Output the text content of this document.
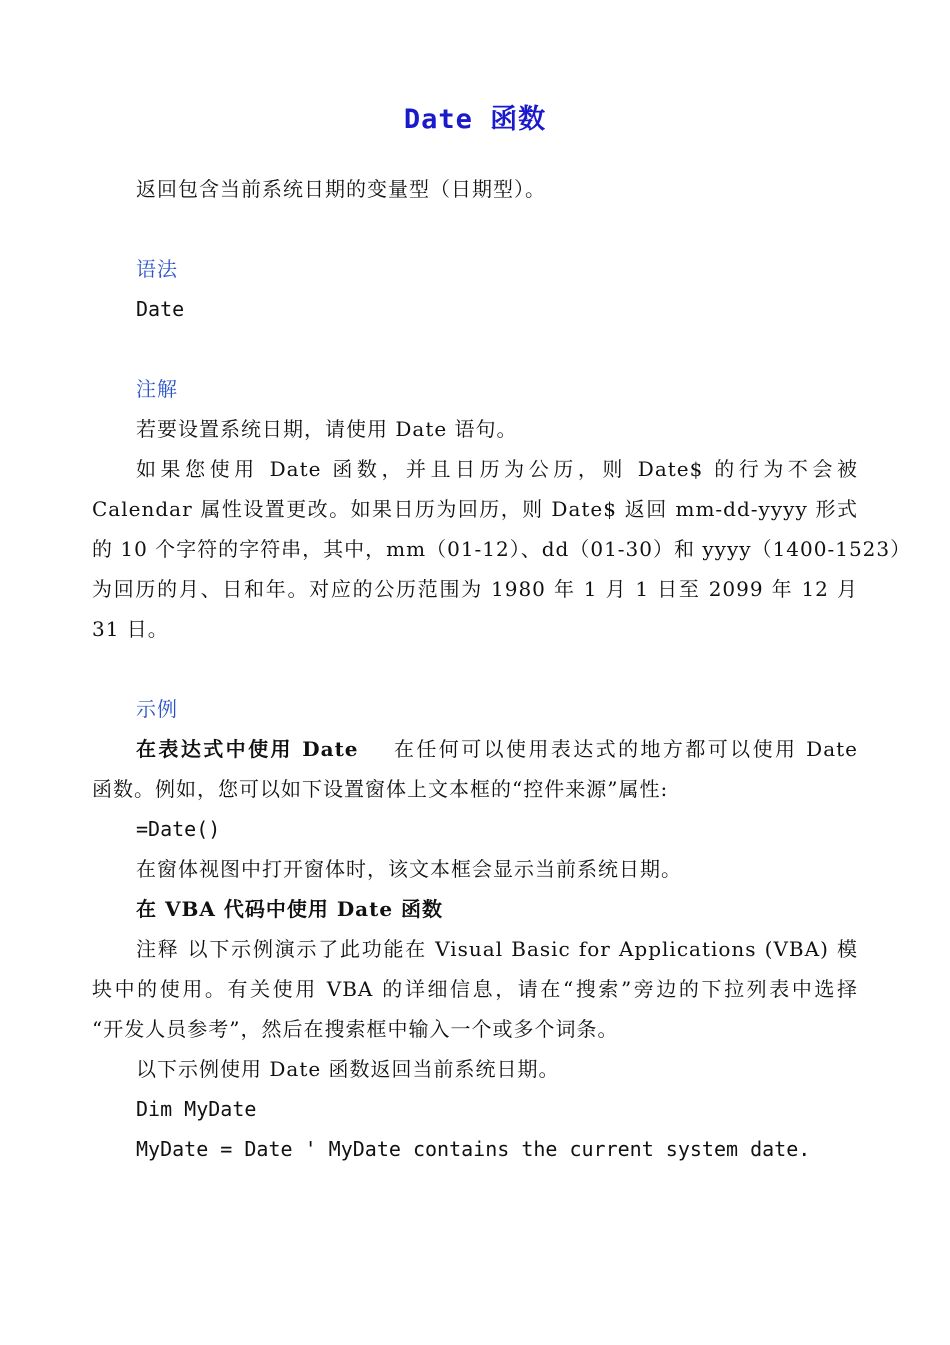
Date 函数
返回包含当前系统日期的变量型（日期型）。
语法
Date
注解
若要设置系统日期，请使用 Date 语句。
如果您使用 Date 函数，并且日历为公历，则 Date$ 的行为不会被
Calendar 属性设置更改。如果日历为回历，则 Date$ 返回 mm-dd-yyyy 形式
的 10 个字符的字符串，其中，mm（01-12）、dd（01-30）和 yyyy（1400-1523）
为回历的月、日和年。对应的公历范围为 1980 年 1 月 1 日至 2099 年 12 月
31 日。
示例
在表达式中使用 Date 在任何可以使用表达式的地方都可以使用 Date
函数。例如，您可以如下设置窗体上文本框的“控件来源”属性:
=Date()
在窗体视图中打开窗体时，该文本框会显示当前系统日期。
在 VBA 代码中使用 Date 函数
注释 以下示例演示了此功能在 Visual Basic for Applications (VBA) 模
块中的使用。有关使用 VBA 的详细信息，请在“搜索”旁边的下拉列表中选择
“开发人员参考”，然后在搜索框中输入一个或多个词条。
以下示例使用 Date 函数返回当前系统日期。
Dim MyDate
MyDate = Date ' MyDate contains the current system date.
